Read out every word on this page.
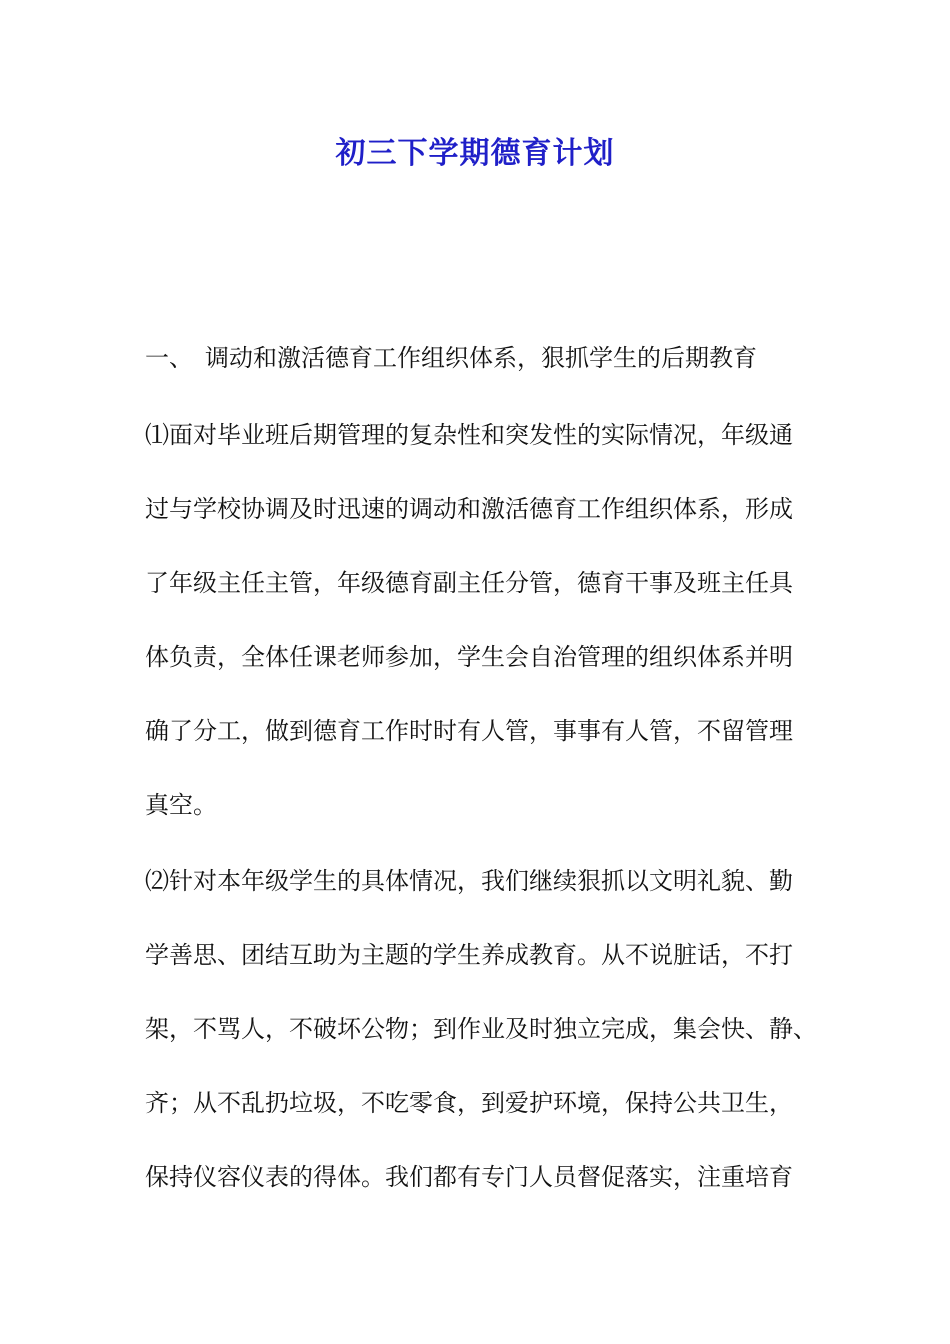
初三下学期德育计划
一、 调动和激活德育工作组织体系，狠抓学生的后期教育
⑴面对毕业班后期管理的复杂性和突发性的实际情况，年级通
过与学校协调及时迅速的调动和激活德育工作组织体系，形成
了年级主任主管，年级德育副主任分管，德育干事及班主任具
体负责，全体任课老师参加，学生会自治管理的组织体系并明
确了分工，做到德育工作时时有人管，事事有人管，不留管理
真空。
⑵针对本年级学生的具体情况，我们继续狠抓以文明礼貌、勤
学善思、团结互助为主题的学生养成教育。从不说脏话，不打
架，不骂人，不破坏公物；到作业及时独立完成，集会快、静、
齐；从不乱扔垃圾，不吃零食，到爱护环境，保持公共卫生，
保持仪容仪表的得体。我们都有专门人员督促落实，注重培育
